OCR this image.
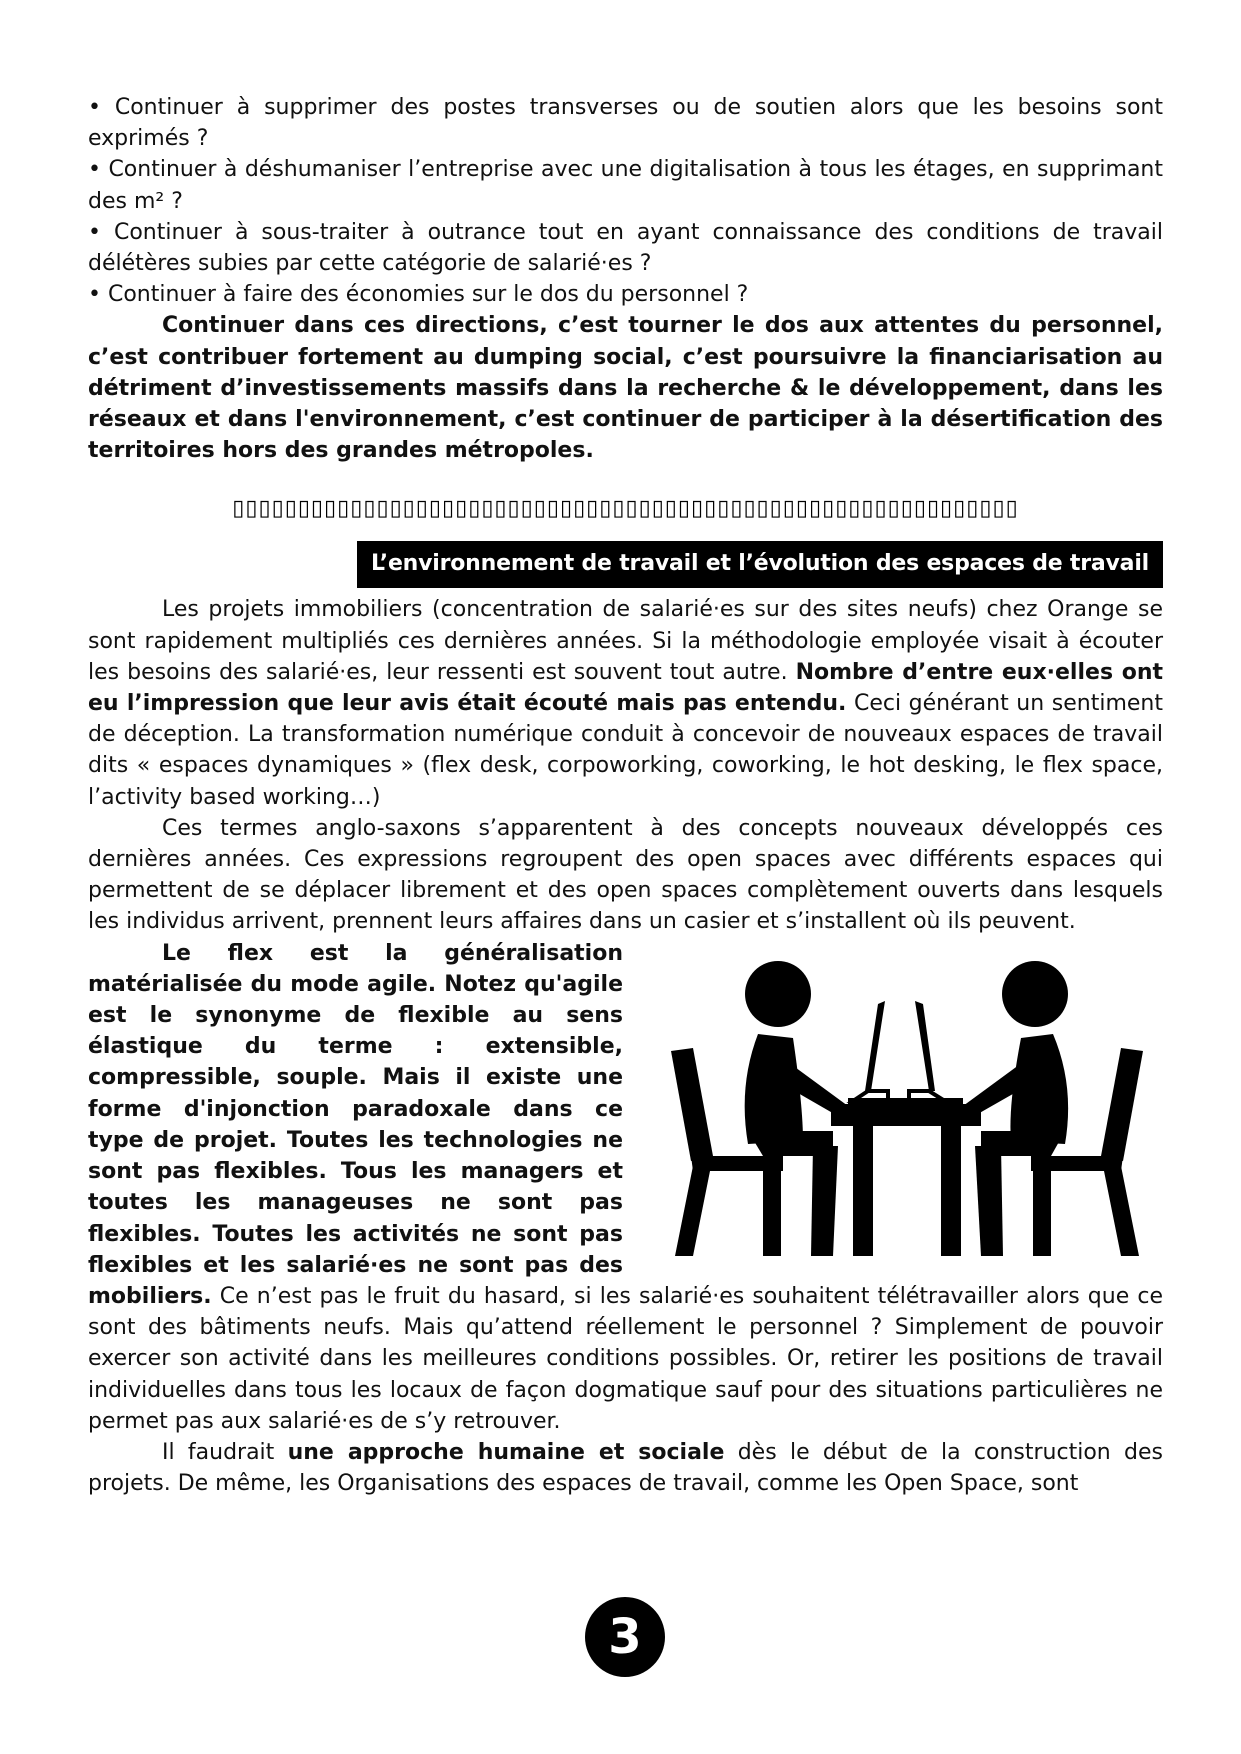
• Continuer à supprimer des postes transverses ou de soutien alors que les besoins sont exprimés ?

• Continuer à déshumaniser l’entreprise avec une digitalisation à tous les étages, en supprimant des m² ?

• Continuer à sous-traiter à outrance tout en ayant connaissance des conditions de travail délétères subies par cette catégorie de salarié·es ?

• Continuer à faire des économies sur le dos du personnel ?

Continuer dans ces directions, c’est tourner le dos aux attentes du personnel, c’est contribuer fortement au dumping social, c’est poursuivre la financiarisation au détriment d’investissements massifs dans la recherche & le développement, dans les réseaux et dans l'environnement, c’est continuer de participer à la désertification des territoires hors des grandes métropoles.

▯▯▯▯▯▯▯▯▯▯▯▯▯▯▯▯▯▯▯▯▯▯▯▯▯▯▯▯▯▯▯▯▯▯▯▯▯▯▯▯▯▯▯▯▯▯▯▯▯▯▯▯▯▯▯▯▯▯▯▯
L’environnement de travail et l’évolution des espaces de travail

Les projets immobiliers (concentration de salarié·es sur des sites neufs) chez Orange se sont rapidement multipliés ces dernières années. Si la méthodologie employée visait à écouter les besoins des salarié·es, leur ressenti est souvent tout autre. Nombre d’entre eux·elles ont eu l’impression que leur avis était écouté mais pas entendu. Ceci générant un sentiment de déception. La transformation numérique conduit à concevoir de nouveaux espaces de travail dits « espaces dynamiques » (flex desk, corpoworking, coworking, le hot desking, le flex space, l’activity based working…)

Ces termes anglo-saxons s’apparentent à des concepts nouveaux développés ces dernières années. Ces expressions regroupent des open spaces avec différents espaces qui permettent de se déplacer librement et des open spaces complètement ouverts dans lesquels les individus arrivent, prennent leurs affaires dans un casier et s’installent où ils peuvent.

Le flex est la généralisation matérialisée du mode agile. Notez qu'agile est le synonyme de flexible au sens élastique du terme : extensible, compressible, souple. Mais il existe une forme d'injonction paradoxale dans ce type de projet. Toutes les technologies ne sont pas flexibles. Tous les managers et toutes les manageuses ne sont pas flexibles. Toutes les activités ne sont pas flexibles et les salarié·es ne sont pas des mobiliers. Ce n’est pas le fruit du hasard, si les salarié·es souhaitent télétravailler alors que ce sont des bâtiments neufs. Mais qu’attend réellement le personnel ? Simplement de pouvoir exercer son activité dans les meilleures conditions possibles. Or, retirer les positions de travail individuelles dans tous les locaux de façon dogmatique sauf pour des situations particulières ne permet pas aux salarié·es de s’y retrouver.

Il faudrait une approche humaine et sociale dès le début de la construction des projets. De même, les Organisations des espaces de travail, comme les Open Space, sont

3
